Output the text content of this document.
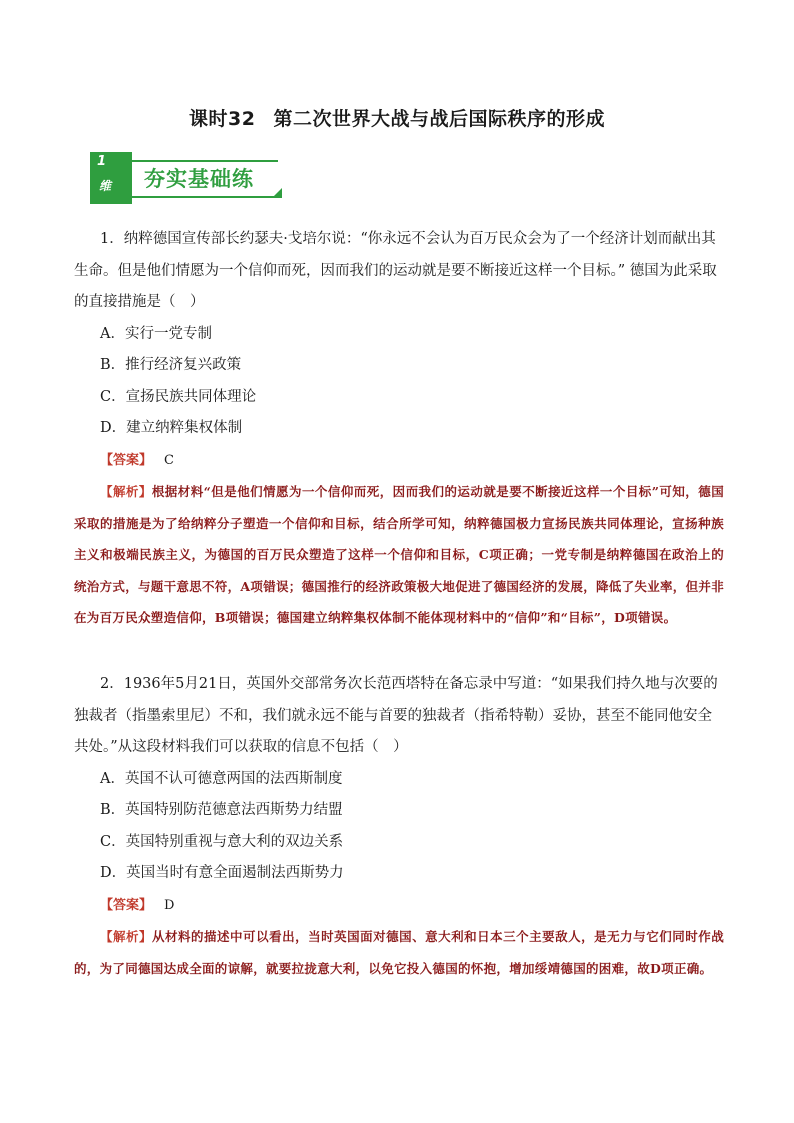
课时32 第二次世界大战与战后国际秩序的形成
1
维 夯实基础练

1．纳粹德国宣传部长约瑟夫·戈培尔说：“你永远不会认为百万民众会为了一个经济计划而献出其生命。但是他们情愿为一个信仰而死，因而我们的运动就是要不断接近这样一个目标。” 德国为此采取的直接措施是（　）

A．实行一党专制

B．推行经济复兴政策

C．宣扬民族共同体理论

D．建立纳粹集权体制

【答案】 C

【解析】根据材料“但是他们情愿为一个信仰而死，因而我们的运动就是要不断接近这样一个目标”可知，德国采取的措施是为了给纳粹分子塑造一个信仰和目标，结合所学可知，纳粹德国极力宣扬民族共同体理论，宣扬种族主义和极端民族主义，为德国的百万民众塑造了这样一个信仰和目标，C项正确；一党专制是纳粹德国在政治上的统治方式，与题干意思不符，A项错误；德国推行的经济政策极大地促进了德国经济的发展，降低了失业率，但并非在为百万民众塑造信仰，B项错误；德国建立纳粹集权体制不能体现材料中的“信仰”和“目标”，D项错误。

2．1936年5月21日，英国外交部常务次长范西塔特在备忘录中写道：“如果我们持久地与次要的独裁者（指墨索里尼）不和，我们就永远不能与首要的独裁者（指希特勒）妥协，甚至不能同他安全共处。”从这段材料我们可以获取的信息不包括（　）

A．英国不认可德意两国的法西斯制度

B．英国特别防范德意法西斯势力结盟

C．英国特别重视与意大利的双边关系

D．英国当时有意全面遏制法西斯势力

【答案】 D

【解析】从材料的描述中可以看出，当时英国面对德国、意大利和日本三个主要敌人，是无力与它们同时作战的，为了同德国达成全面的谅解，就要拉拢意大利，以免它投入德国的怀抱，增加绥靖德国的困难，故D项正确。
